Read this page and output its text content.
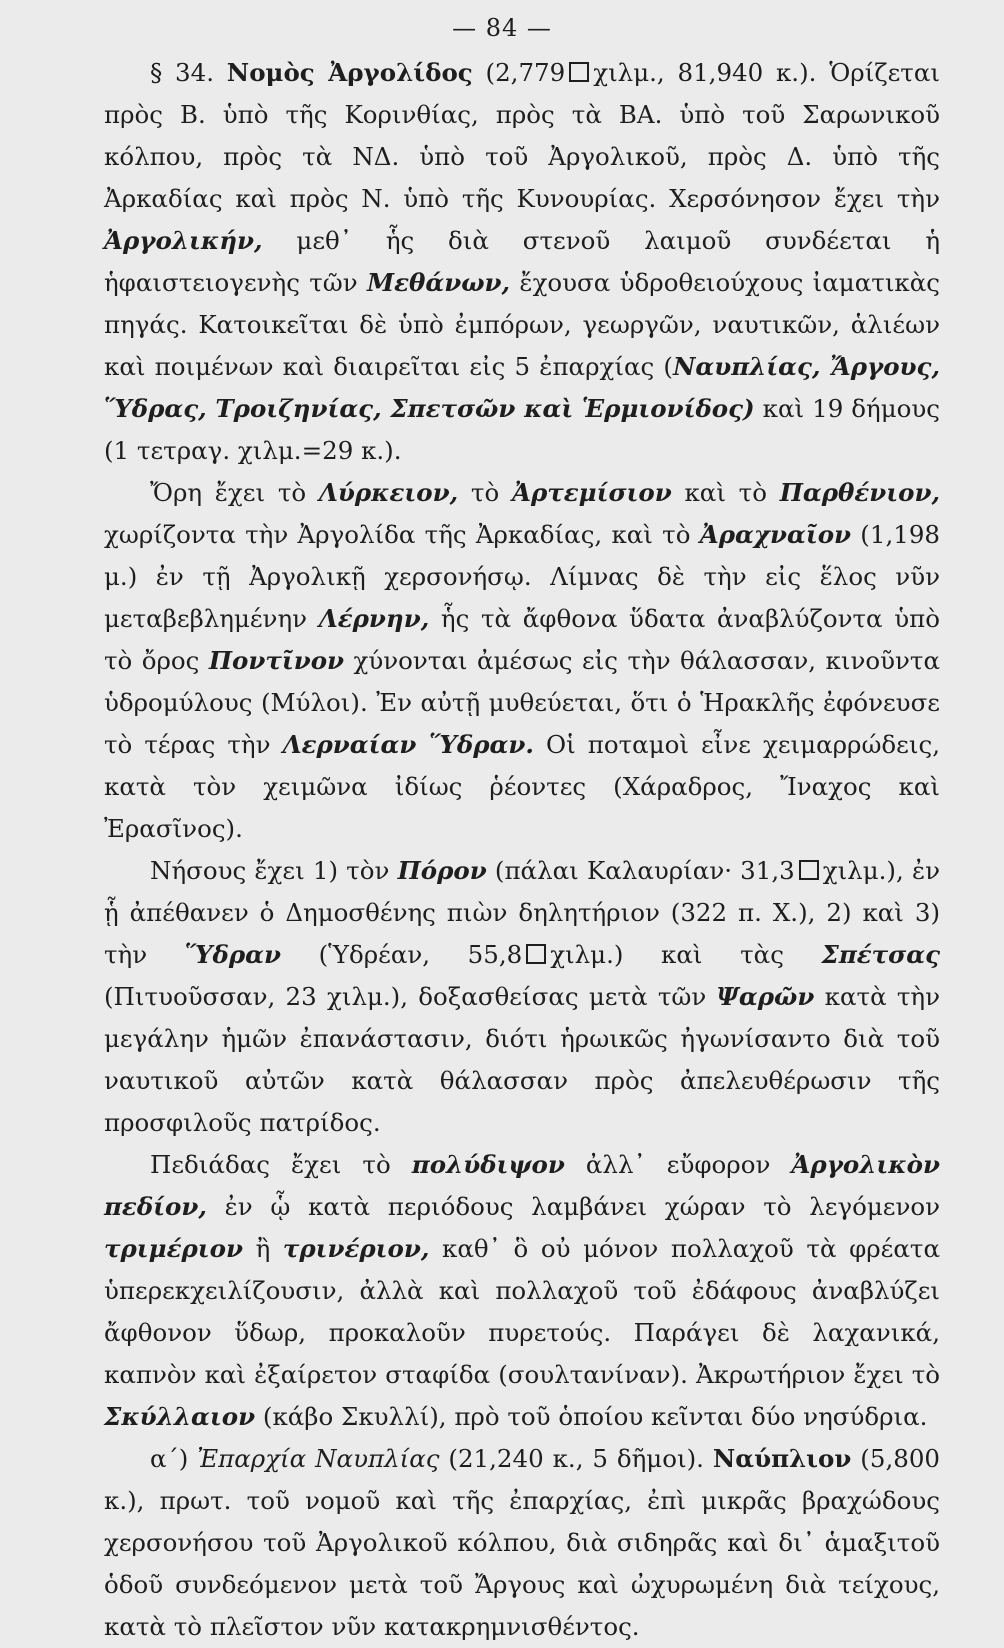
— 84 —

§ 34. Νομὸς Ἀργολίδος (2,779 χιλμ., 81,940 κ.). Ὁρίζεται πρὸς Β. ὑπὸ τῆς Κορινθίας, πρὸς τὰ ΒΑ. ὑπὸ τοῦ Σαρωνικοῦ κόλπου, πρὸς τὰ ΝΔ. ὑπὸ τοῦ Ἀργολικοῦ, πρὸς Δ. ὑπὸ τῆς Ἀρκαδίας καὶ πρὸς Ν. ὑπὸ τῆς Κυνουρίας. Χερσόνησον ἔχει τὴν Ἀργολικήν, μεθ᾽ ἧς διὰ στενοῦ λαιμοῦ συνδέεται ἡ ἡφαιστειογενὴς τῶν Μεθάνων, ἔχουσα ὑδροθειούχους ἰαματικὰς πηγάς. Κατοικεῖται δὲ ὑπὸ ἐμπόρων, γεωργῶν, ναυτικῶν, ἁλιέων καὶ ποιμένων καὶ διαιρεῖται εἰς 5 ἐπαρχίας (Ναυπλίας, Ἄργους, Ὕδρας, Τροιζηνίας, Σπετσῶν καὶ Ἑρμιονίδος) καὶ 19 δήμους (1 τετραγ. χιλμ.=29 κ.).

Ὄρη ἔχει τὸ Λύρκειον, τὸ Ἀρτεμίσιον καὶ τὸ Παρθένιον, χωρίζοντα τὴν Ἀργολίδα τῆς Ἀρκαδίας, καὶ τὸ Ἀραχναῖον (1,198 μ.) ἐν τῇ Ἀργολικῇ χερσονήσῳ. Λίμνας δὲ τὴν εἰς ἕλος νῦν μεταβεβλημένην Λέρνην, ἧς τὰ ἄφθονα ὕδατα ἀναβλύζοντα ὑπὸ τὸ ὄρος Ποντῖνον χύνονται ἀμέσως εἰς τὴν θάλασσαν, κινοῦντα ὑδρομύλους (Μύλοι). Ἐν αὐτῇ μυθεύεται, ὅτι ὁ Ἡρακλῆς ἐφόνευσε τὸ τέρας τὴν Λερναίαν Ὕδραν. Οἱ ποταμοὶ εἶνε χειμαρρώδεις, κατὰ τὸν χειμῶνα ἰδίως ῥέοντες (Χάραδρος, Ἴναχος καὶ Ἐρασῖνος).

Νήσους ἔχει 1) τὸν Πόρον (πάλαι Καλαυρίαν· 31,3 χιλμ.), ἐν ᾗ ἀπέθανεν ὁ Δημοσθένης πιὼν δηλητήριον (322 π. Χ.), 2) καὶ 3) τὴν Ὕδραν (Ὑδρέαν, 55,8 χιλμ.) καὶ τὰς Σπέτσας (Πιτυοῦσσαν, 23 χιλμ.), δοξασθείσας μετὰ τῶν Ψαρῶν κατὰ τὴν μεγάλην ἡμῶν ἐπανάστασιν, διότι ἡρωικῶς ἠγωνίσαντο διὰ τοῦ ναυτικοῦ αὐτῶν κατὰ θάλασσαν πρὸς ἀπελευθέρωσιν τῆς προσφιλοῦς πατρίδος.

Πεδιάδας ἔχει τὸ πολύδιψον ἀλλ᾽ εὔφορον Ἀργολικὸν πεδίον, ἐν ᾧ κατὰ περιόδους λαμβάνει χώραν τὸ λεγόμενον τριμέριον ἢ τρινέριον, καθ᾽ ὃ οὐ μόνον πολλαχοῦ τὰ φρέατα ὑπερεκχειλίζουσιν, ἀλλὰ καὶ πολλαχοῦ τοῦ ἐδάφους ἀναβλύζει ἄφθονον ὕδωρ, προκαλοῦν πυρετούς. Παράγει δὲ λαχανικά, καπνὸν καὶ ἐξαίρετον σταφίδα (σουλτανίναν). Ἀκρωτήριον ἔχει τὸ Σκύλλαιον (κάβο Σκυλλί), πρὸ τοῦ ὁποίου κεῖνται δύο νησύδρια.

α΄) Ἐπαρχία Ναυπλίας (21,240 κ., 5 δῆμοι). Ναύπλιον (5,800 κ.), πρωτ. τοῦ νομοῦ καὶ τῆς ἐπαρχίας, ἐπὶ μικρᾶς βραχώδους χερσονήσου τοῦ Ἀργολικοῦ κόλπου, διὰ σιδηρᾶς καὶ δι᾽ ἁμαξιτοῦ ὁδοῦ συνδεόμενον μετὰ τοῦ Ἄργους καὶ ὠχυρωμένη διὰ τείχους, κατὰ τὸ πλεῖστον νῦν κατακρημνισθέντος.
